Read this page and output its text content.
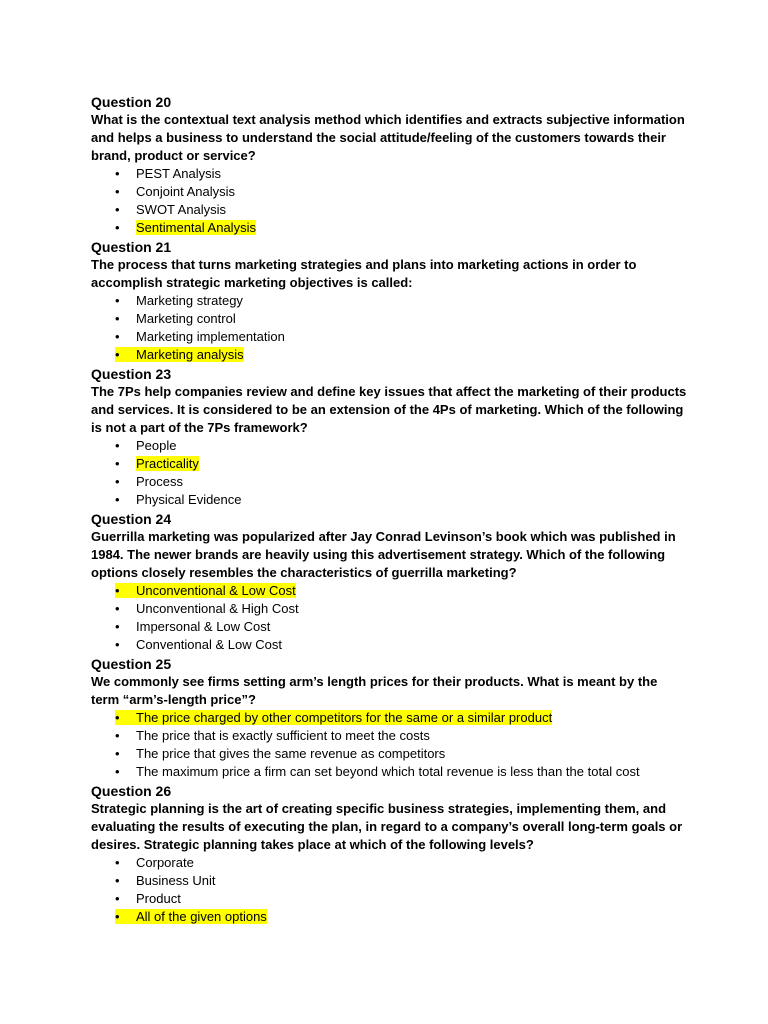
Question 20
What is the contextual text analysis method which identifies and extracts subjective information and helps a business to understand the social attitude/feeling of the customers towards their brand, product or service?
• PEST Analysis
• Conjoint Analysis
• SWOT Analysis
• Sentimental Analysis
Question 21
The process that turns marketing strategies and plans into marketing actions in order to accomplish strategic marketing objectives is called:
• Marketing strategy
• Marketing control
• Marketing implementation
• Marketing analysis
Question 23
The 7Ps help companies review and define key issues that affect the marketing of their products and services. It is considered to be an extension of the 4Ps of marketing. Which of the following is not a part of the 7Ps framework?
• People
• Practicality
• Process
• Physical Evidence
Question 24
Guerrilla marketing was popularized after Jay Conrad Levinson’s book which was published in 1984. The newer brands are heavily using this advertisement strategy. Which of the following options closely resembles the characteristics of guerrilla marketing?
• Unconventional & Low Cost
• Unconventional & High Cost
• Impersonal & Low Cost
• Conventional & Low Cost
Question 25
We commonly see firms setting arm’s length prices for their products. What is meant by the term “arm’s-length price”?
• The price charged by other competitors for the same or a similar product
• The price that is exactly sufficient to meet the costs
• The price that gives the same revenue as competitors
• The maximum price a firm can set beyond which total revenue is less than the total cost
Question 26
Strategic planning is the art of creating specific business strategies, implementing them, and evaluating the results of executing the plan, in regard to a company’s overall long-term goals or desires. Strategic planning takes place at which of the following levels?
• Corporate
• Business Unit
• Product
• All of the given options
